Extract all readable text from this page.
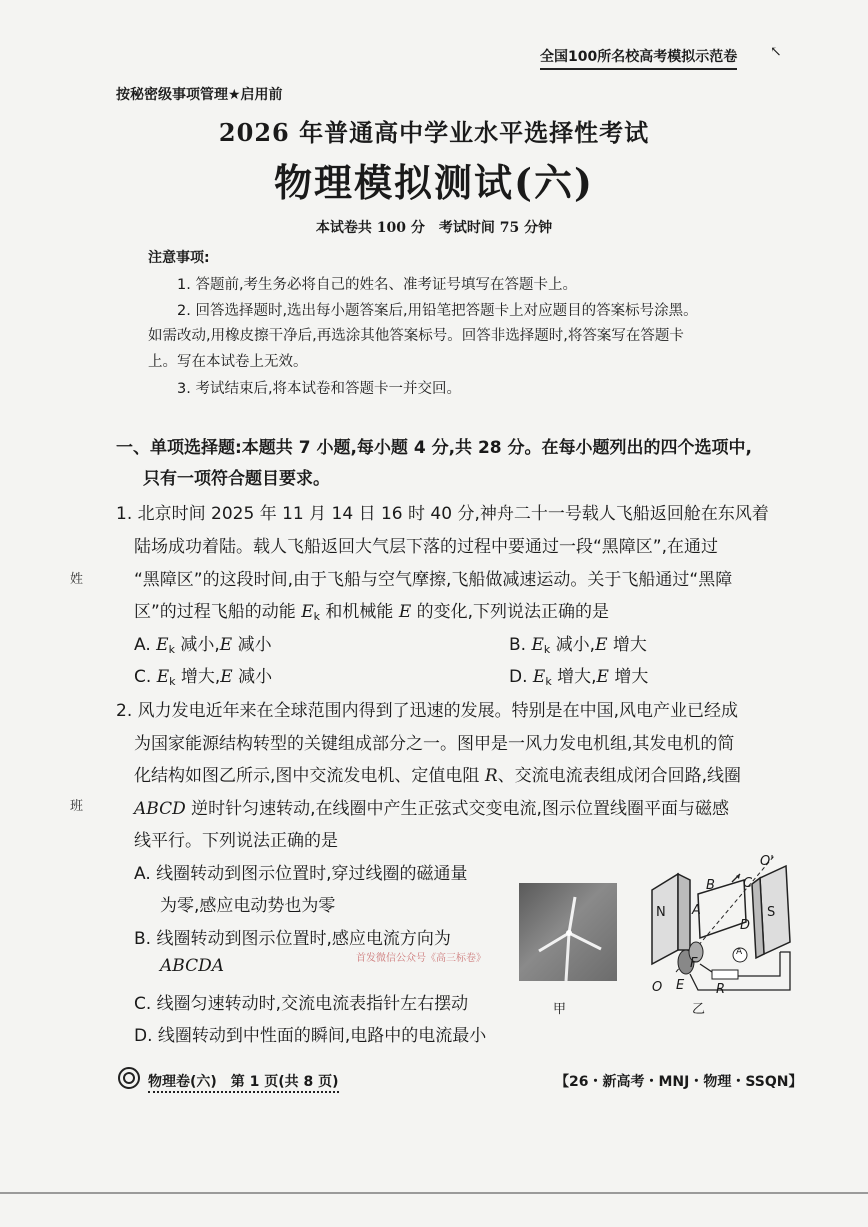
全国100所名校高考模拟示范卷 ↖
按秘密级事项管理★启用前
2026 年普通高中学业水平选择性考试
物理模拟测试(六)
本试卷共 100 分　考试时间 75 分钟
注意事项:
1. 答题前,考生务必将自己的姓名、准考证号填写在答题卡上。
2. 回答选择题时,选出每小题答案后,用铅笔把答题卡上对应题目的答案标号涂黑。
如需改动,用橡皮擦干净后,再选涂其他答案标号。回答非选择题时,将答案写在答题卡
上。写在本试卷上无效。
3. 考试结束后,将本试卷和答题卡一并交回。
一、单项选择题:本题共 7 小题,每小题 4 分,共 28 分。在每小题列出的四个选项中,
只有一项符合题目要求。
1. 北京时间 2025 年 11 月 14 日 16 时 40 分,神舟二十一号载人飞船返回舱在东风着
陆场成功着陆。载人飞船返回大气层下落的过程中要通过一段“黑障区”,在通过
“黑障区”的这段时间,由于飞船与空气摩擦,飞船做减速运动。关于飞船通过“黑障
区”的过程飞船的动能 $E_k$ 和机械能 E 的变化,下列说法正确的是
A. $E_k$ 减小,E 减小	B. $E_k$ 减小,E 增大
C. $E_k$ 增大,E 减小	D. $E_k$ 增大,E 增大
2. 风力发电近年来在全球范围内得到了迅速的发展。特别是在中国,风电产业已经成
为国家能源结构转型的关键组成部分之一。图甲是一风力发电机组,其发电机的简
化结构如图乙所示,图中交流发电机、定值电阻 R、交流电流表组成闭合回路,线圈
ABCD 逆时针匀速转动,在线圈中产生正弦式交变电流,图示位置线圈平面与磁感
线平行。下列说法正确的是
A. 线圈转动到图示位置时,穿过线圈的磁通量
为零,感应电动势也为零
B. 线圈转动到图示位置时,感应电流方向为
ABCDA
C. 线圈匀速转动时,交流电流表指针左右摆动
D. 线圈转动到中性面的瞬间,电路中的电流最小
首发微信公众号《高三标卷》
甲
O'
B C
A
N	S
D
F
O E R
A
乙
姓
班
物理卷(六)　第 1 页(共 8 页)	【26・新高考・MNJ・物理・SSQN】
